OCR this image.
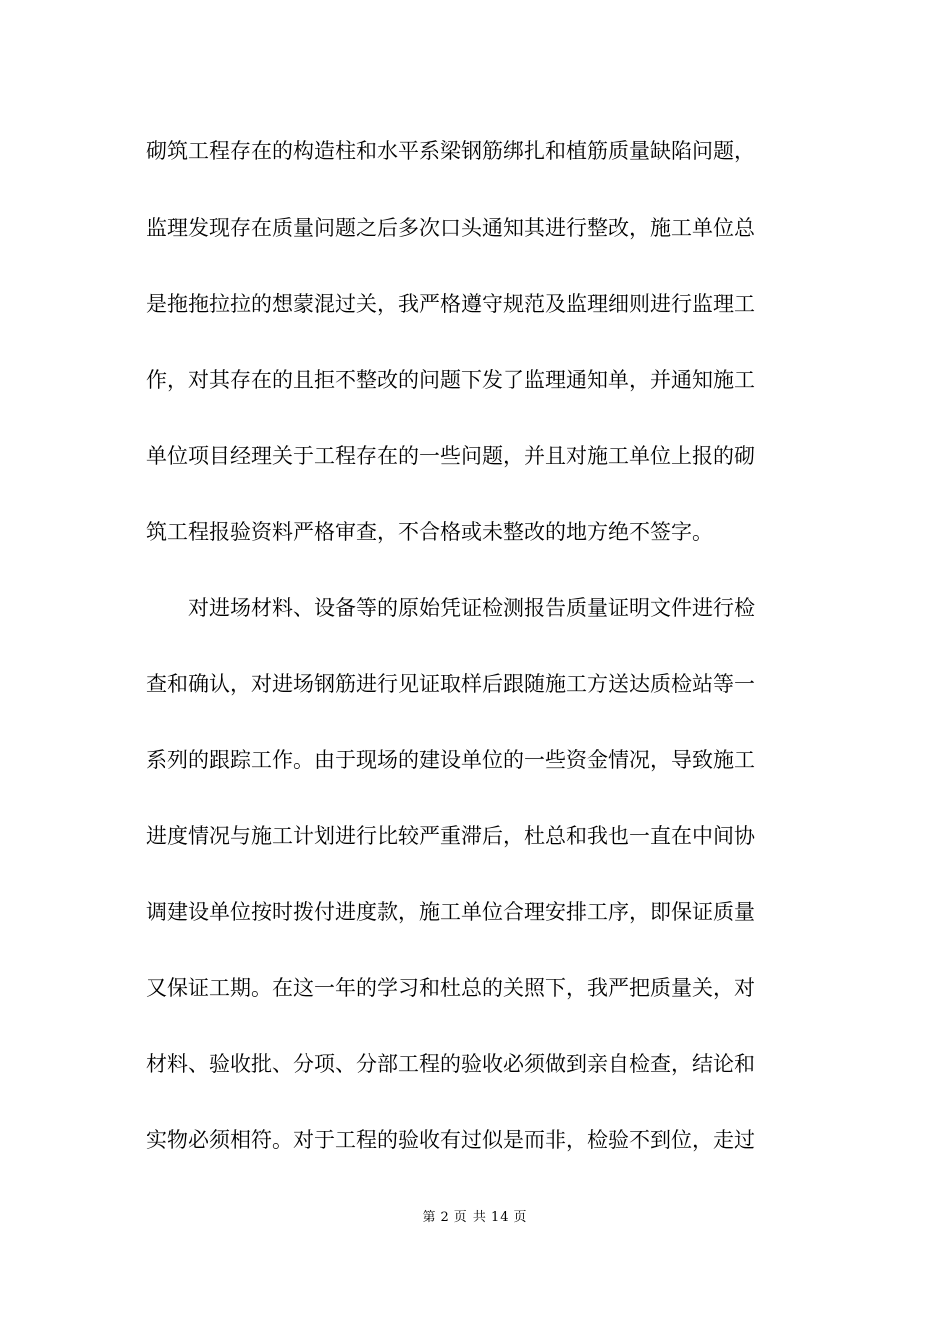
砌筑工程存在的构造柱和水平系梁钢筋绑扎和植筋质量缺陷问题，
监理发现存在质量问题之后多次口头通知其进行整改，施工单位总
是拖拖拉拉的想蒙混过关，我严格遵守规范及监理细则进行监理工
作，对其存在的且拒不整改的问题下发了监理通知单，并通知施工
单位项目经理关于工程存在的一些问题，并且对施工单位上报的砌
筑工程报验资料严格审查，不合格或未整改的地方绝不签字。
对进场材料、设备等的原始凭证检测报告质量证明文件进行检
查和确认，对进场钢筋进行见证取样后跟随施工方送达质检站等一
系列的跟踪工作。由于现场的建设单位的一些资金情况，导致施工
进度情况与施工计划进行比较严重滞后，杜总和我也一直在中间协
调建设单位按时拨付进度款，施工单位合理安排工序，即保证质量
又保证工期。在这一年的学习和杜总的关照下，我严把质量关，对
材料、验收批、分项、分部工程的验收必须做到亲自检查，结论和
实物必须相符。对于工程的验收有过似是而非，检验不到位，走过
第 2 页 共 14 页
